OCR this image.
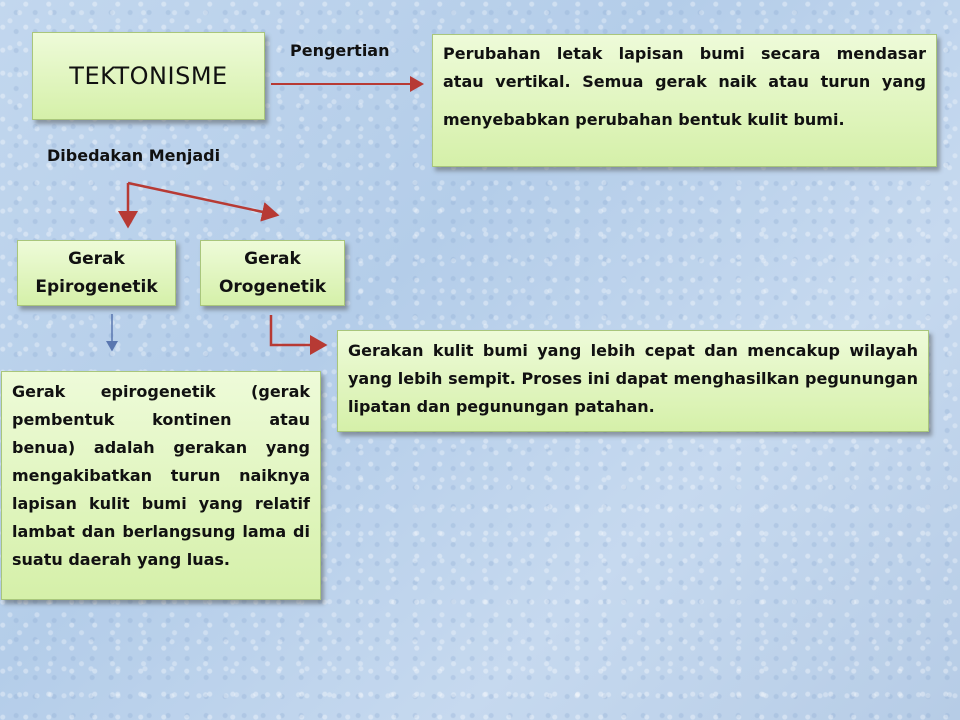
TEKTONISME
Pengertian	Perubahan letak lapisan bumi secara mendasar
atau vertikal. Semua gerak naik atau turun yang
menyebabkan perubahan bentuk kulit bumi.
Dibedakan Menjadi
Gerak
Epirogenetik
Gerak
Orogenetik
Gerakan kulit bumi yang lebih cepat dan mencakup wilayah yang lebih sempit. Proses ini dapat menghasilkan pegunungan lipatan dan pegunungan patahan.
Gerak epirogenetik (gerak pembentuk kontinen atau benua) adalah gerakan yang mengakibatkan turun naiknya lapisan kulit bumi yang relatif lambat dan berlangsung lama di suatu daerah yang luas.
